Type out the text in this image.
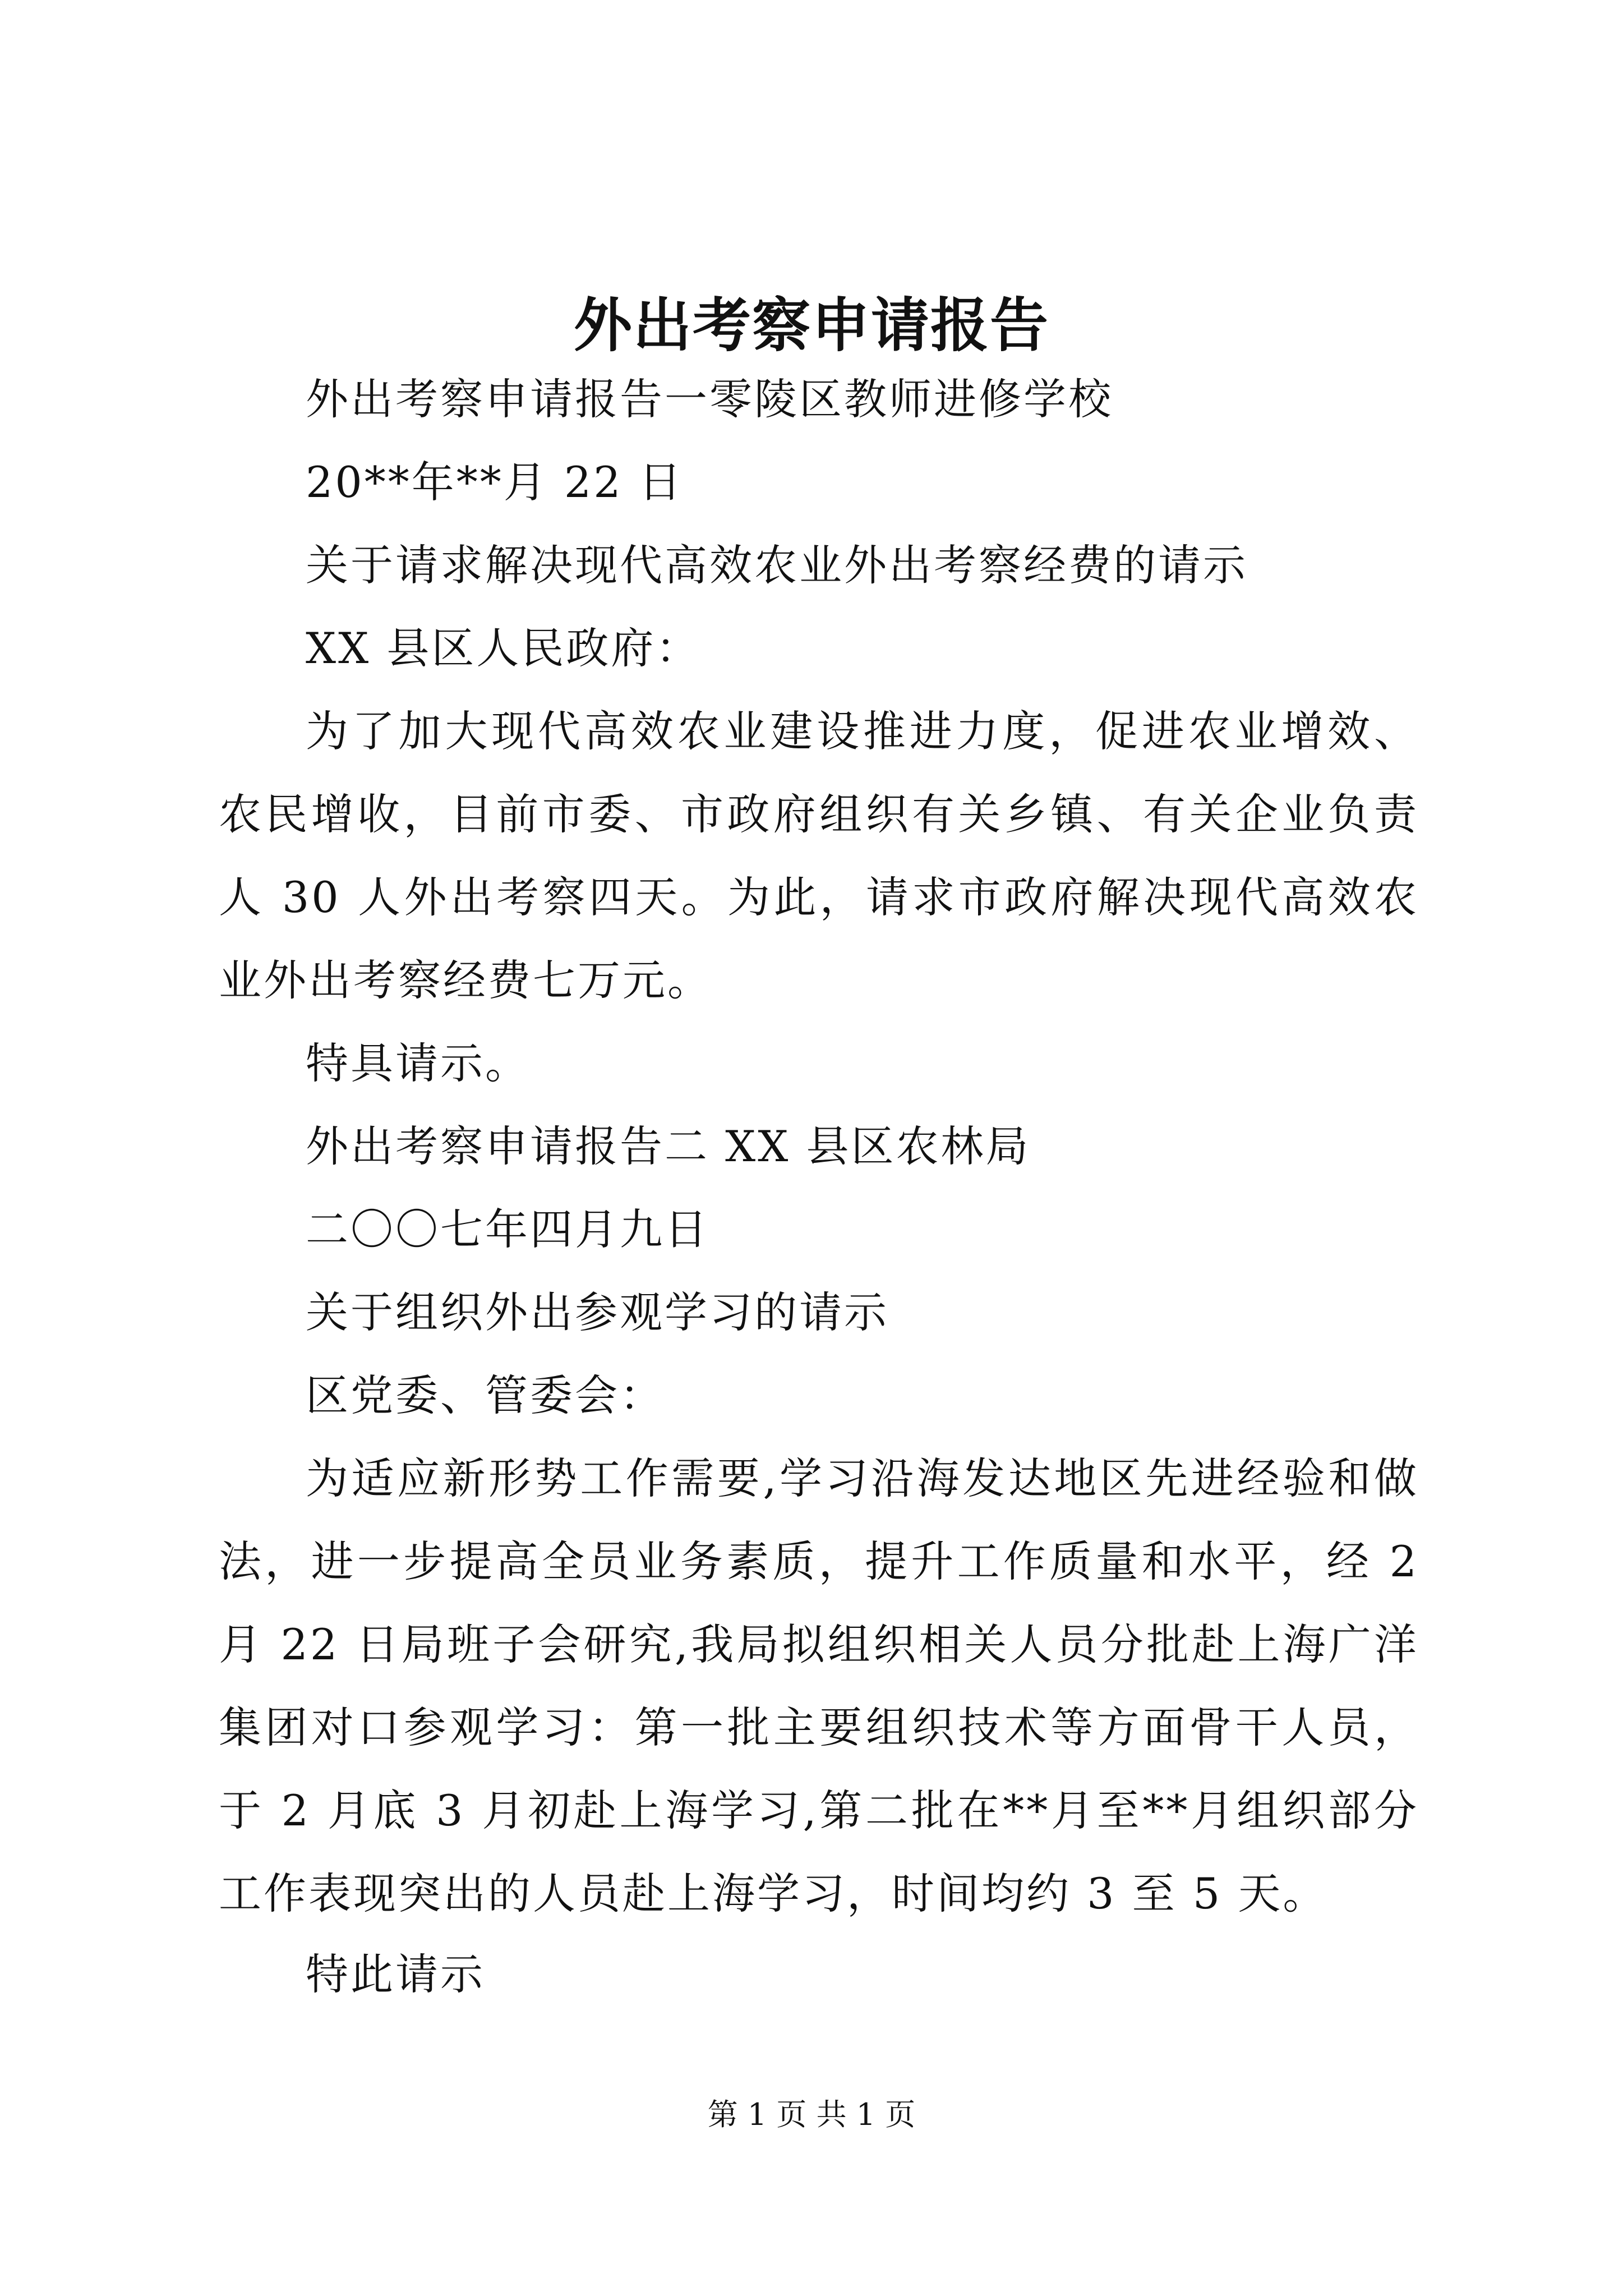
外出考察申请报告
外出考察申请报告一零陵区教师进修学校
20**年**月 22 日
关于请求解决现代高效农业外出考察经费的请示
XX 县区人民政府：
为了加大现代高效农业建设推进力度，促进农业增效、农民增收，目前市委、市政府组织有关乡镇、有关企业负责人 30 人外出考察四天。为此，请求市政府解决现代高效农业外出考察经费七万元。
特具请示。
外出考察申请报告二 XX 县区农林局
二〇〇七年四月九日
关于组织外出参观学习的请示
区党委、管委会：
为适应新形势工作需要,学习沿海发达地区先进经验和做法，进一步提高全员业务素质，提升工作质量和水平，经 2 月 22 日局班子会研究,我局拟组织相关人员分批赴上海广洋集团对口参观学习：第一批主要组织技术等方面骨干人员，于 2 月底 3 月初赴上海学习,第二批在**月至**月组织部分工作表现突出的人员赴上海学习，时间均约 3 至 5 天。
特此请示
第 1 页 共 1 页
